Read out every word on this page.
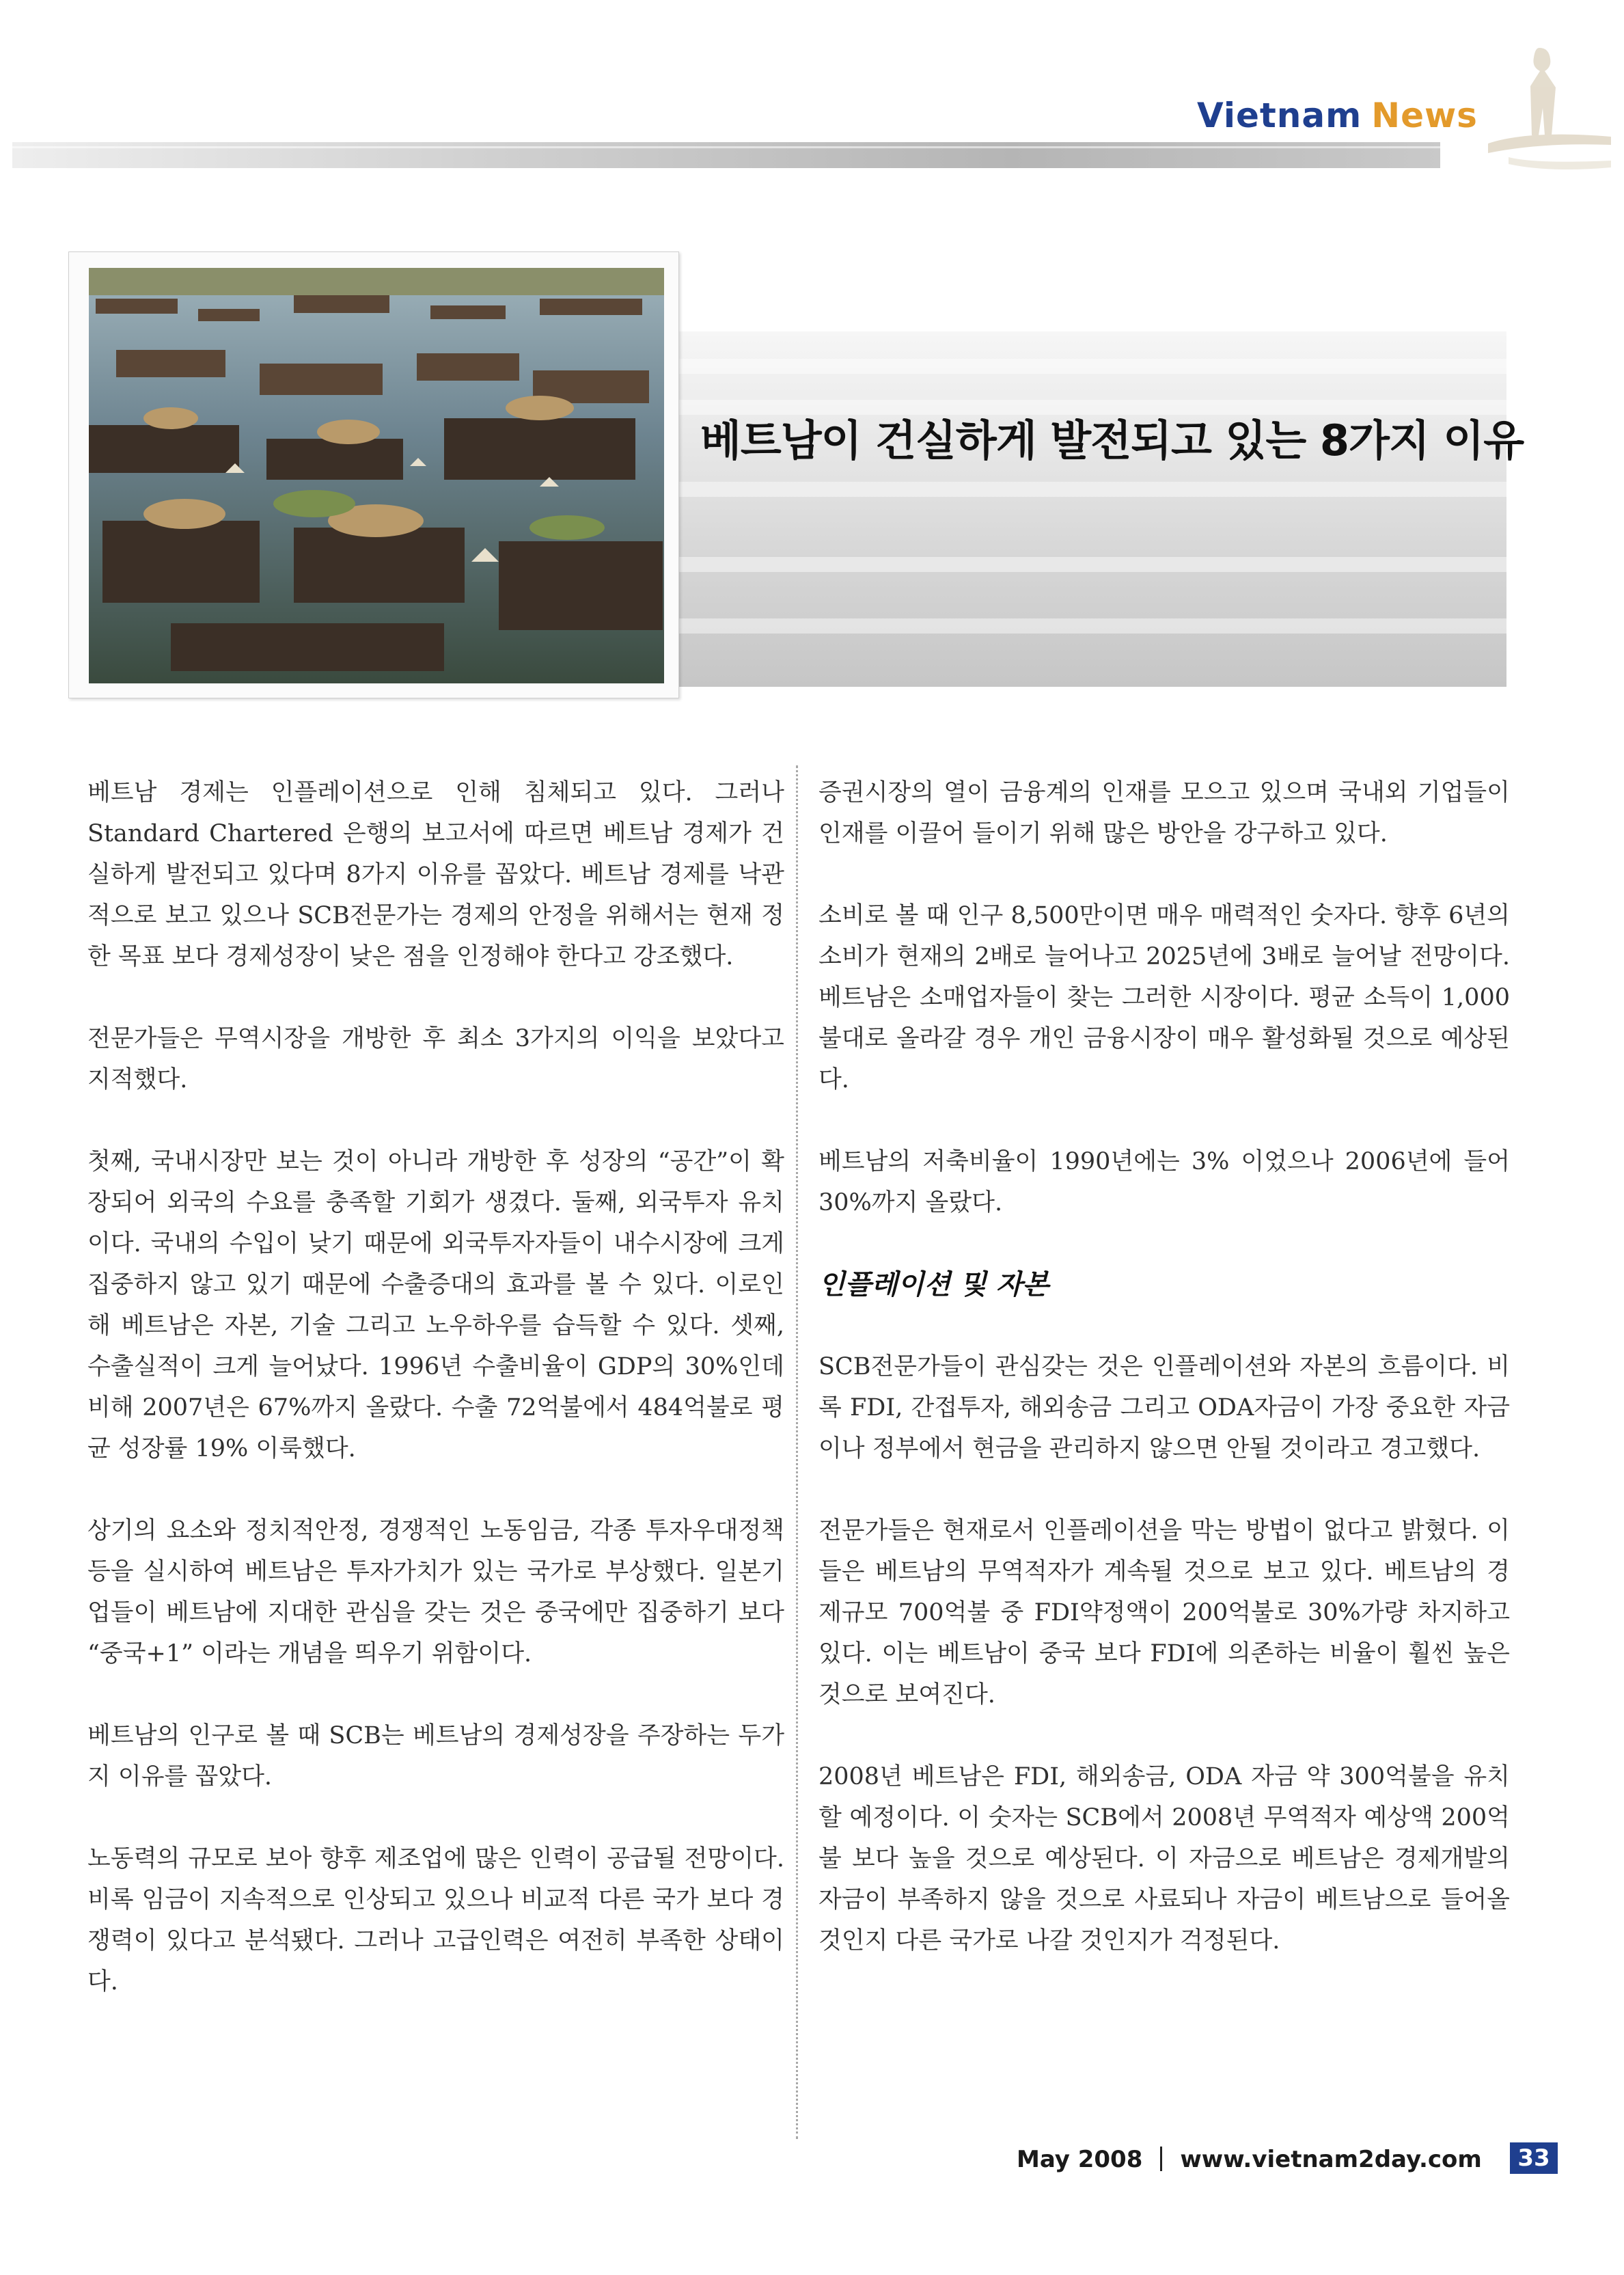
Vietnam News
베트남이 건실하게 발전되고 있는 8가지 이유

베트남 경제는 인플레이션으로 인해 침체되고 있다. 그러나 Standard Chartered 은행의 보고서에 따르면 베트남 경제가 건실하게 발전되고 있다며 8가지 이유를 꼽았다. 베트남 경제를 낙관적으로 보고 있으나 SCB전문가는 경제의 안정을 위해서는 현재 정한 목표 보다 경제성장이 낮은 점을 인정해야 한다고 강조했다.

전문가들은 무역시장을 개방한 후 최소 3가지의 이익을 보았다고 지적했다.

첫째, 국내시장만 보는 것이 아니라 개방한 후 성장의 “공간”이 확장되어 외국의 수요를 충족할 기회가 생겼다. 둘째, 외국투자 유치이다. 국내의 수입이 낮기 때문에 외국투자자들이 내수시장에 크게 집중하지 않고 있기 때문에 수출증대의 효과를 볼 수 있다. 이로인해 베트남은 자본, 기술 그리고 노우하우를 습득할 수 있다. 셋째, 수출실적이 크게 늘어났다. 1996년 수출비율이 GDP의 30%인데 비해 2007년은 67%까지 올랐다. 수출 72억불에서 484억불로 평균 성장률 19% 이룩했다.

상기의 요소와 정치적안정, 경쟁적인 노동임금, 각종 투자우대정책 등을 실시하여 베트남은 투자가치가 있는 국가로 부상했다. 일본기업들이 베트남에 지대한 관심을 갖는 것은 중국에만 집중하기 보다 “중국+1” 이라는 개념을 띄우기 위함이다.

베트남의 인구로 볼 때 SCB는 베트남의 경제성장을 주장하는 두가지 이유를 꼽았다.

노동력의 규모로 보아 향후 제조업에 많은 인력이 공급될 전망이다. 비록 임금이 지속적으로 인상되고 있으나 비교적 다른 국가 보다 경쟁력이 있다고 분석됐다. 그러나 고급인력은 여전히 부족한 상태이다.

증권시장의 열이 금융계의 인재를 모으고 있으며 국내외 기업들이 인재를 이끌어 들이기 위해 많은 방안을 강구하고 있다.

소비로 볼 때 인구 8,500만이면 매우 매력적인 숫자다. 향후 6년의 소비가 현재의 2배로 늘어나고 2025년에 3배로 늘어날 전망이다. 베트남은 소매업자들이 찾는 그러한 시장이다. 평균 소득이 1,000불대로 올라갈 경우 개인 금융시장이 매우 활성화될 것으로 예상된다.

베트남의 저축비율이 1990년에는 3% 이었으나 2006년에 들어 30%까지 올랐다.

인플레이션 및 자본

SCB전문가들이 관심갖는 것은 인플레이션와 자본의 흐름이다. 비록 FDI, 간접투자, 해외송금 그리고 ODA자금이 가장 중요한 자금이나 정부에서 현금을 관리하지 않으면 안될 것이라고 경고했다.

전문가들은 현재로서 인플레이션을 막는 방법이 없다고 밝혔다. 이들은 베트남의 무역적자가 계속될 것으로 보고 있다. 베트남의 경제규모 700억불 중 FDI약정액이 200억불로 30%가량 차지하고 있다. 이는 베트남이 중국 보다 FDI에 의존하는 비율이 훨씬 높은 것으로 보여진다.

2008년 베트남은 FDI, 해외송금, ODA 자금 약 300억불을 유치할 예정이다. 이 숫자는 SCB에서 2008년 무역적자 예상액 200억불 보다 높을 것으로 예상된다. 이 자금으로 베트남은 경제개발의 자금이 부족하지 않을 것으로 사료되나 자금이 베트남으로 들어올 것인지 다른 국가로 나갈 것인지가 걱정된다.

May 2008 www.vietnam2day.com	33
